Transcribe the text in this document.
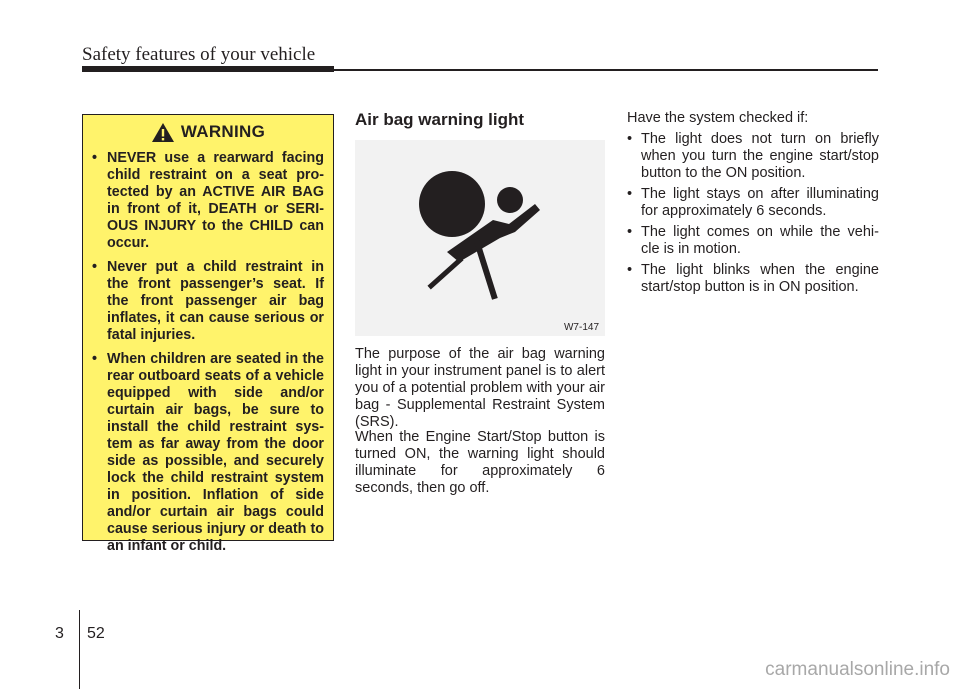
Safety features of your vehicle
WARNING
• NEVER use a rearward facing child restraint on a seat pro- tected by an ACTIVE AIR BAG in front of it, DEATH or SERI- OUS INJURY to the CHILD can occur.
• Never put a child restraint in the front passenger’s seat. If the front passenger air bag inflates, it can cause serious or fatal injuries.
• When children are seated in the rear outboard seats of a vehicle equipped with side and/or curtain air bags, be sure to install the child restraint sys- tem as far away from the door side as possible, and securely lock the child restraint system in position. Inflation of side and/or curtain air bags could cause serious injury or death to an infant or child.
Air bag warning light
W7-147

The purpose of the air bag warning light in your instrument panel is to alert you of a potential problem with your air bag - Supplemental Restraint System (SRS).

When the Engine Start/Stop button is turned ON, the warning light should illuminate for approximately 6 seconds, then go off.

Have the system checked if:

• The light does not turn on briefly when you turn the engine start/stop button to the ON position.
• The light stays on after illuminating for approximately 6 seconds.
• The light comes on while the vehi- cle is in motion.
• The light blinks when the engine start/stop button is in ON position.
3 52
carmanualsonline.info
